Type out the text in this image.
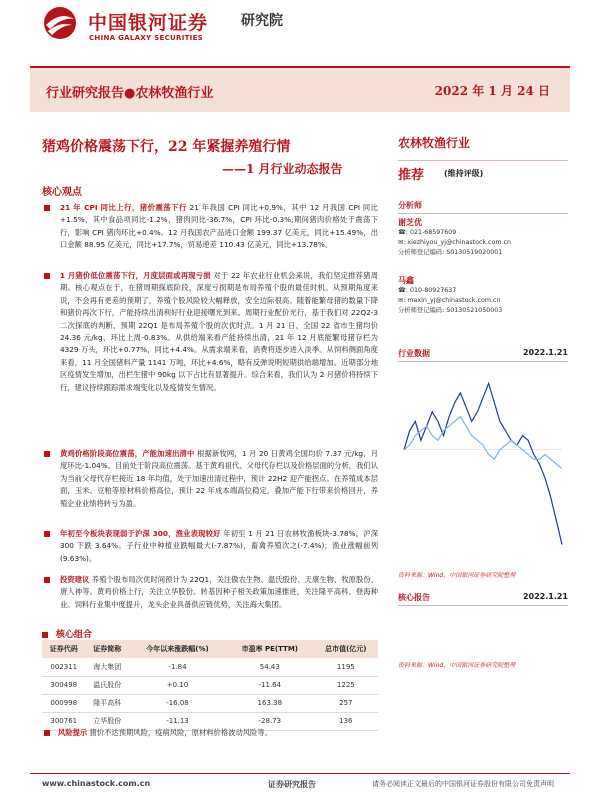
中国银河证券
CHINA GALAXY SECURITIES
研究院
行业研究报告●农林牧渔行业	2022 年 1 月 24 日
猪鸡价格震荡下行，22 年紧握养殖行情
——1 月行业动态报告
核心观点
21 年 CPI 同比上行，猪价震荡下行 21 年我国 CPI 同比+0.9%，其中 12 月我国 CPI 同比+1.5%，其中食品项同比-1.2%，猪肉同比-36.7%，CPI 环比-0.3%;期间猪肉价格处于震荡下行，影响 CPI 猪肉环比+0.4%。12 月我国农产品进口金额 199.37 亿美元，同比+15.49%，出口金额 88.95 亿美元，同比+17.7%，贸易逆差 110.43 亿美元，同比+13.78%。
1 月猪价低位震荡下行，月度层面或再现亏损 对于 22 年农业行业机会来说，我们坚定推荐猪周期。核心观点在于，在猪周期探底阶段，深度亏损期是布局养殖个股的最佳时机。从预期角度来说，不会再有更差的预期了，养殖个股风险较大幅释放，安全边际很高。随着能繁母猪的数量下降和猪价再次下行，产能持续出清利好行业迎接曙光到来。周期行业配价光行，基于我们对 22Q2-3 二次探底的判断，预期 22Q1 是布局养殖个股的次优时点。1 月 21 日，全国 22 省市生猪均价 24.36 元/kg，环比上周-0.83%。从供给端来看产能持续出清，21 年 12 月底能繁母猪存栏为 4329 万头，环比+0.77%，同比+4.4%。从需求端来看，消费将逐步进入淡季。从饲料侧面角度来看，11 月全国猪料产量 1141 万吨，环比+4.6%，略有反弹说明短期供给端增加。近期部分地区疫情发生增加，出栏生猪中 90kg 以下占比有显著提升。综合来看，我们认为 2 月猪价将持续下行，建议持续跟踪需求端变化以及疫情发生情况。
黄鸡价格阶段高位震荡，产能加速出清中 根据新牧网，1 月 20 日黄鸡全国均价 7.37 元/kg，月度环比-1.04%。目前处于阶段高位震荡。基于黄鸡祖代、父母代存栏以及价格层面的分析，我们认为当前父母代存栏接近 18 年均值，处于加速出清过程中，预计 22H2 迎产能拐点。在养殖成本层面，玉米、豆粕等原材料价格高位，预计 22 年成本端高位稳定，叠加产能下行带来价格回升，养殖企业业绩将转亏为盈。
年初至今板块表现弱于沪深 300，渔业表现较好 年初至 1 月 21 日农林牧渔板块-3.78%，沪深 300 下跌 3.64%。子行业中种植业跌幅最大(-7.87%)，畜禽养殖次之(-7.4%)；渔业涨幅前列(9.63%)。
投资建议 养殖个股布局次优时间预计为 22Q1，关注傲农生物、温氏股份、天康生物、牧原股份、唐人神等。黄鸡价格上行，关注立华股份。转基因种子相关政策加速推进，关注隆平高科、登海种业。饲料行业集中度提升，龙头企业具备供应链优势，关注海大集团。
核心组合
证券代码	证券简称	今年以来涨跌幅(%)	市盈率 PE(TTM)	总市值(亿元)
002311	海大集团	-1.84	54.43	1195
300498	温氏股份	+0.10	-11.64	1225
000998	隆平高科	-16.08	163.38	257
300761	立华股份	-11.13	-28.73	136
风险提示 猪价不达预期风险，疫病风险，原材料价格波动风险等。
农林牧渔行业
推荐 (维持评级)
分析师
谢芝优
☎: 021-68597609
✉: xiezhiyou_yj@chinastock.com.cn
分析师登记编码: S0130519020001
马鑫
☎: 010-80927637
✉: maxin_yj@chinastock.com.cn
分析师登记编码: S0130521050003
行业数据	2022.1.21
资料来源：Wind，中国银河证券研究院整理
核心报告	2022.1.21
资料来源：Wind，中国银河证券研究院整理
www.chinastock.com.cn	证券研究报告	请务必阅读正文最后的中国银河证券股份有限公司免责声明
